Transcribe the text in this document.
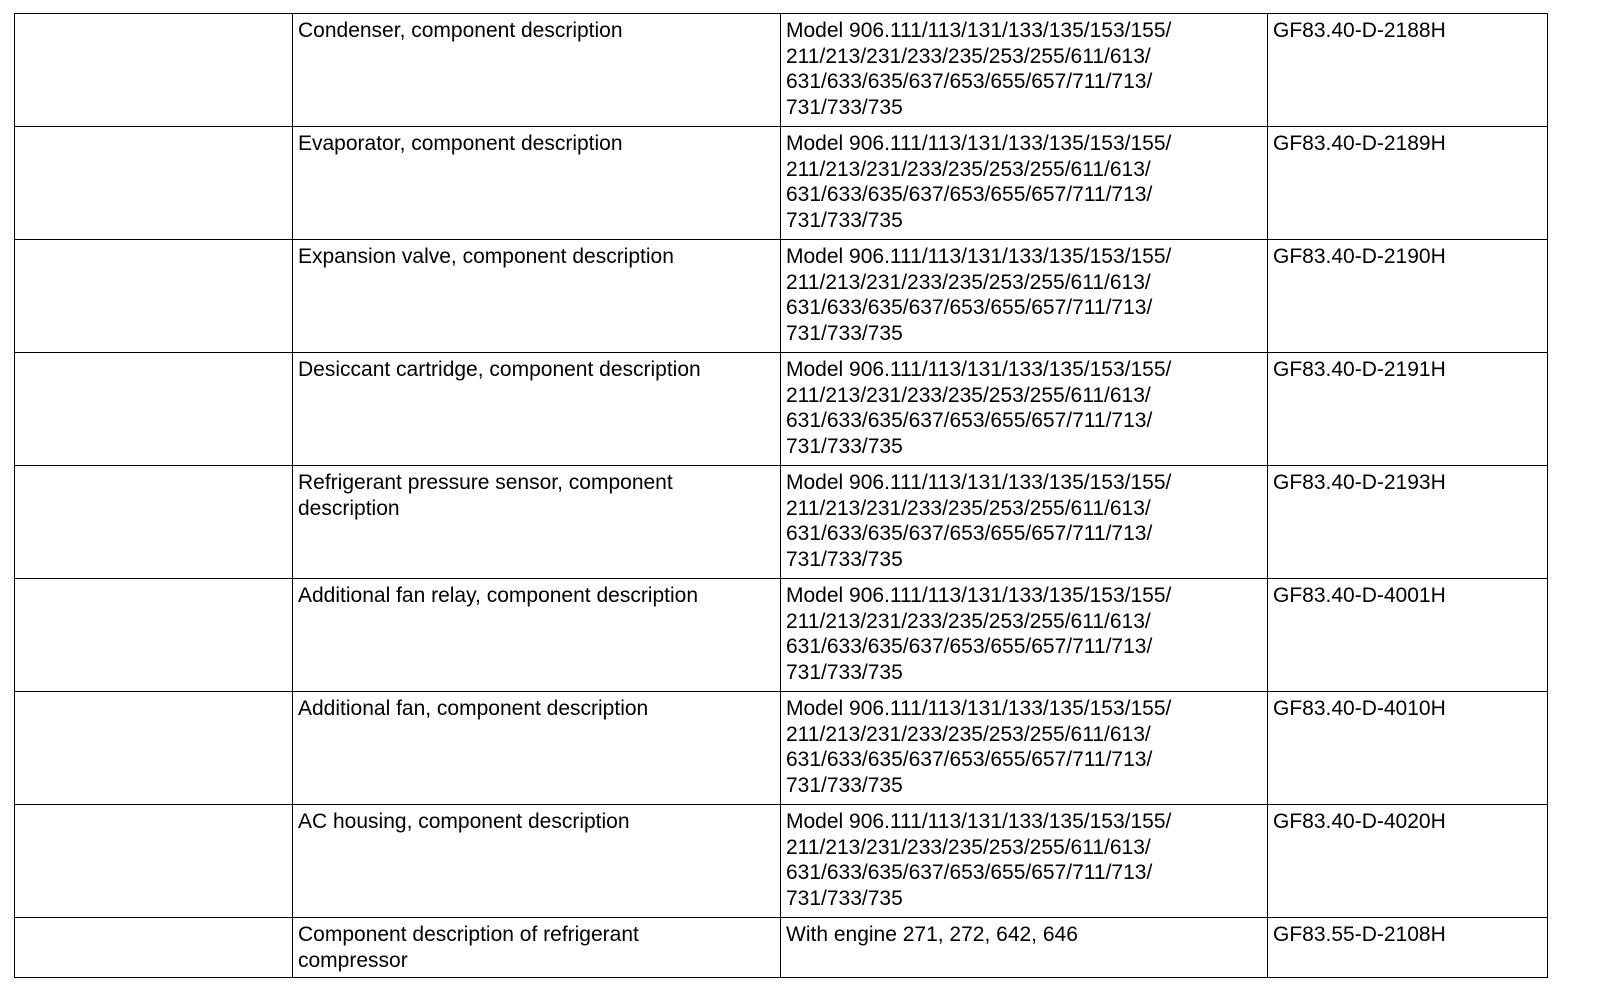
	Condenser, component description	Model 906.111/113/131/133/135/153/155/
211/213/231/233/235/253/255/611/613/
631/633/635/637/653/655/657/711/713/
731/733/735	GF83.40-D-2188H
	Evaporator, component description	Model 906.111/113/131/133/135/153/155/
211/213/231/233/235/253/255/611/613/
631/633/635/637/653/655/657/711/713/
731/733/735	GF83.40-D-2189H
	Expansion valve, component description	Model 906.111/113/131/133/135/153/155/
211/213/231/233/235/253/255/611/613/
631/633/635/637/653/655/657/711/713/
731/733/735	GF83.40-D-2190H
	Desiccant cartridge, component description	Model 906.111/113/131/133/135/153/155/
211/213/231/233/235/253/255/611/613/
631/633/635/637/653/655/657/711/713/
731/733/735	GF83.40-D-2191H
	Refrigerant pressure sensor, component
description	Model 906.111/113/131/133/135/153/155/
211/213/231/233/235/253/255/611/613/
631/633/635/637/653/655/657/711/713/
731/733/735	GF83.40-D-2193H
	Additional fan relay, component description	Model 906.111/113/131/133/135/153/155/
211/213/231/233/235/253/255/611/613/
631/633/635/637/653/655/657/711/713/
731/733/735	GF83.40-D-4001H
	Additional fan, component description	Model 906.111/113/131/133/135/153/155/
211/213/231/233/235/253/255/611/613/
631/633/635/637/653/655/657/711/713/
731/733/735	GF83.40-D-4010H
	AC housing, component description	Model 906.111/113/131/133/135/153/155/
211/213/231/233/235/253/255/611/613/
631/633/635/637/653/655/657/711/713/
731/733/735	GF83.40-D-4020H
	Component description of refrigerant
compressor	With engine 271, 272, 642, 646	GF83.55-D-2108H
